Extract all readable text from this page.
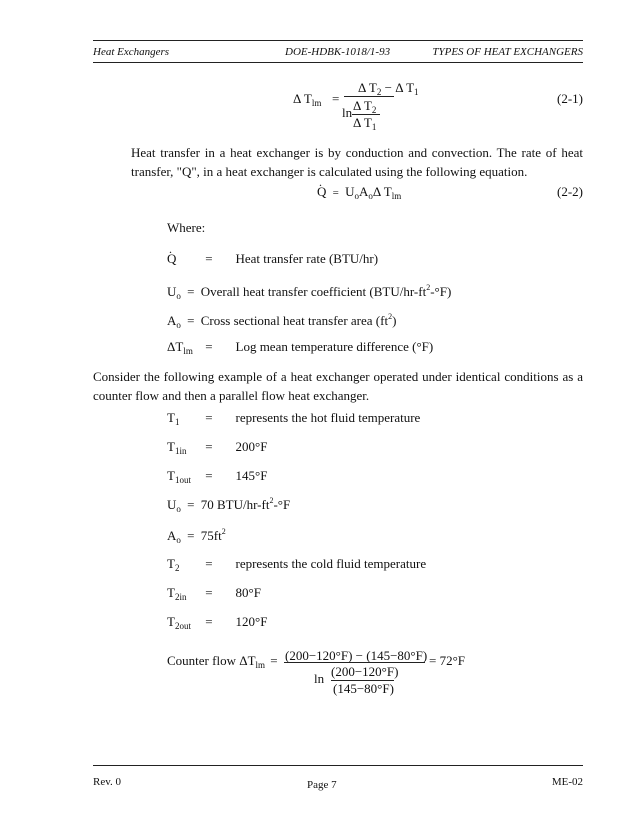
Heat Exchangers	DOE-HDBK-1018/1-93	TYPES OF HEAT EXCHANGERS
Δ $T_{lm}$ =
Δ $T_2 - \Delta$ $T_1$
ln Δ $T_2$
Δ $T_1$
(2-1)
Heat transfer in a heat exchanger is by conduction and convection. The rate of heat transfer, "Q", in a heat exchanger is calculated using the following equation.
. $Q = U_oA_o\Delta$ $T_{lm}$	(2-2)
Where:
. Q = Heat transfer rate (BTU/hr)
$U_o$ = Overall heat transfer coefficient $(BTU/hr-ft^2-^\circ F)$
$A_o$ = Cross sectional heat transfer area $(ft^2)$
$\Delta T_{lm}$ = Log mean temperature difference (°F)
Consider the following example of a heat exchanger operated under identical conditions as a counter flow and then a parallel flow heat exchanger.
$T_1$ = represents the hot fluid temperature
$T_{1in} = 200^\circ F$
$T_{1out} = 145^\circ F$
$U_o = 70$ BTU/$hr-ft^2-^\circ F$
$A_o = 75ft^2$
$T_2$ = represents the cold fluid temperature
$T_{2in} = 80^\circ F$
$T_{2out} = 120^\circ F$
Counter flow $\Delta T_{lm} = (200-120^\circ F) - (145-80^\circ F)$
ln (200−120°F)
(145−80°F)
= 72°F
Rev. 0	Page 7	ME-02
